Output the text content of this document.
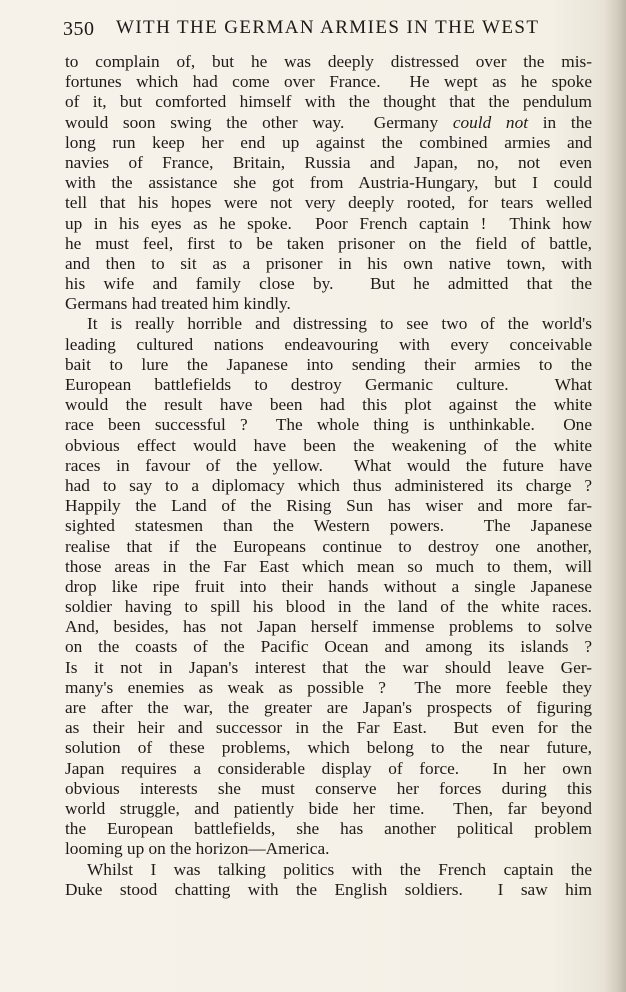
350 WITH THE GERMAN ARMIES IN THE WEST
to complain of, but he was deeply distressed over the mis-
fortunes which had come over France.  He wept as he spoke
of it, but comforted himself with the thought that the pendulum
would soon swing the other way.  Germany could not in the
long run keep her end up against the combined armies and
navies of France, Britain, Russia and Japan, no, not even
with the assistance she got from Austria-Hungary, but I could
tell that his hopes were not very deeply rooted, for tears welled
up in his eyes as he spoke.  Poor French captain !  Think how
he must feel, first to be taken prisoner on the field of battle,
and then to sit as a prisoner in his own native town, with
his wife and family close by.  But he admitted that the
Germans had treated him kindly.
It is really horrible and distressing to see two of the world's
leading cultured nations endeavouring with every conceivable
bait to lure the Japanese into sending their armies to the
European battlefields to destroy Germanic culture.  What
would the result have been had this plot against the white
race been successful ?  The whole thing is unthinkable.  One
obvious effect would have been the weakening of the white
races in favour of the yellow.  What would the future have
had to say to a diplomacy which thus administered its charge ?
Happily the Land of the Rising Sun has wiser and more far-
sighted statesmen than the Western powers.  The Japanese
realise that if the Europeans continue to destroy one another,
those areas in the Far East which mean so much to them, will
drop like ripe fruit into their hands without a single Japanese
soldier having to spill his blood in the land of the white races.
And, besides, has not Japan herself immense problems to solve
on the coasts of the Pacific Ocean and among its islands ?
Is it not in Japan's interest that the war should leave Ger-
many's enemies as weak as possible ?  The more feeble they
are after the war, the greater are Japan's prospects of figuring
as their heir and successor in the Far East.  But even for the
solution of these problems, which belong to the near future,
Japan requires a considerable display of force.  In her own
obvious interests she must conserve her forces during this
world struggle, and patiently bide her time.  Then, far beyond
the European battlefields, she has another political problem
looming up on the horizon—America.
Whilst I was talking politics with the French captain the
Duke stood chatting with the English soldiers.  I saw him
